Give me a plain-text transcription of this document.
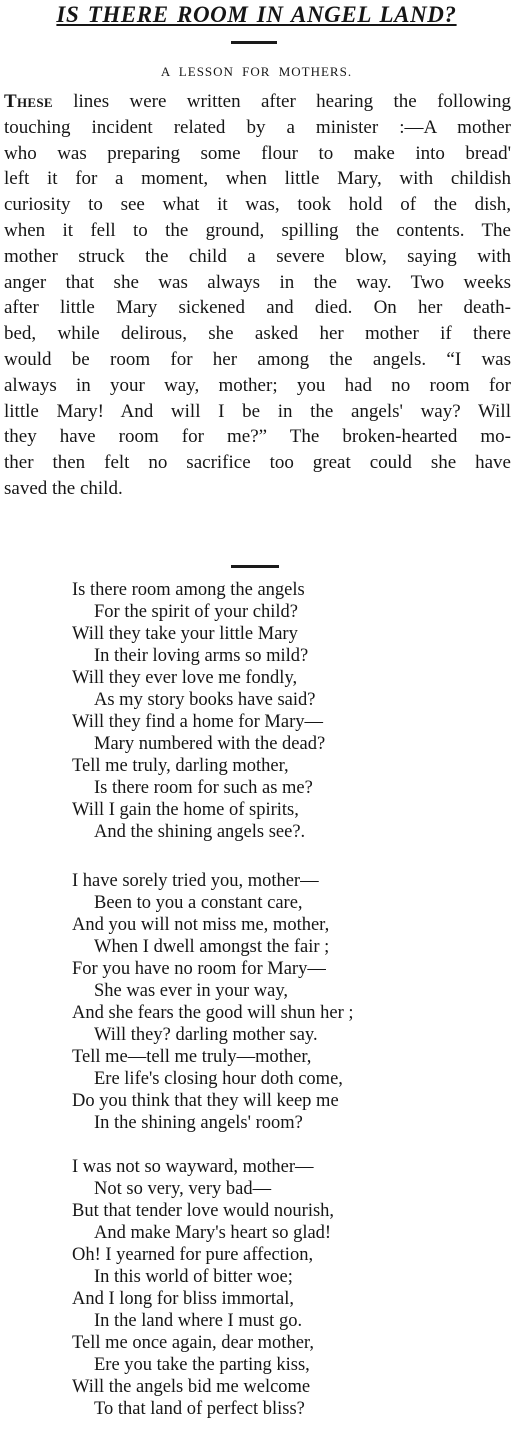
IS THERE ROOM IN ANGEL LAND?
A LESSON FOR MOTHERS.
These lines were written after hearing the following
touching incident related by a minister :—A mother
who was preparing some flour to make into bread'
left it for a moment, when little Mary, with childish
curiosity to see what it was, took hold of the dish,
when it fell to the ground, spilling the contents. The
mother struck the child a severe blow, saying with
anger that she was always in the way. Two weeks
after little Mary sickened and died. On her death-
bed, while delirous, she asked her mother if there
would be room for her among the angels. “I was
always in your way, mother; you had no room for
little Mary! And will I be in the angels' way? Will
they have room for me?” The broken-hearted mo-
ther then felt no sacrifice too great could she have
saved the child.
Is there room among the angels
For the spirit of your child?
Will they take your little Mary
In their loving arms so mild?
Will they ever love me fondly,
As my story books have said?
Will they find a home for Mary—
Mary numbered with the dead?
Tell me truly, darling mother,
Is there room for such as me?
Will I gain the home of spirits,
And the shining angels see?.
I have sorely tried you, mother—
Been to you a constant care,
And you will not miss me, mother,
When I dwell amongst the fair ;
For you have no room for Mary—
She was ever in your way,
And she fears the good will shun her ;
Will they? darling mother say.
Tell me—tell me truly—mother,
Ere life's closing hour doth come,
Do you think that they will keep me
In the shining angels' room?
I was not so wayward, mother—
Not so very, very bad—
But that tender love would nourish,
And make Mary's heart so glad!
Oh! I yearned for pure affection,
In this world of bitter woe;
And I long for bliss immortal,
In the land where I must go.
Tell me once again, dear mother,
Ere you take the parting kiss,
Will the angels bid me welcome
To that land of perfect bliss?
